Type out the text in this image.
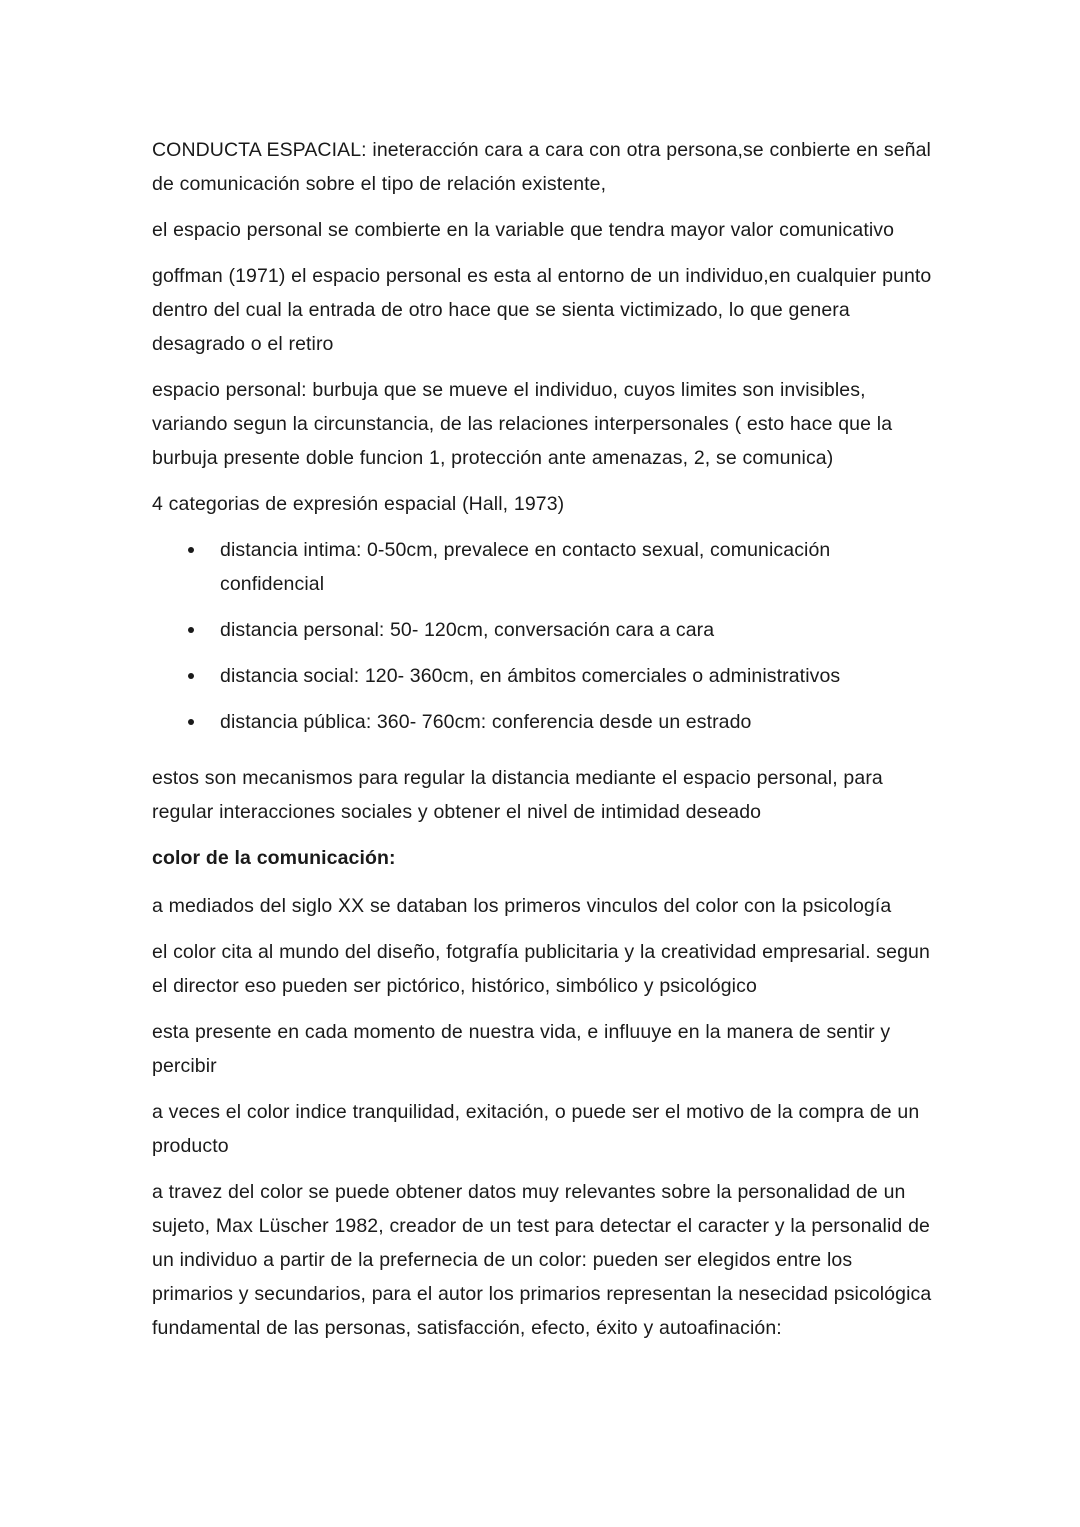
CONDUCTA ESPACIAL: ineteracción cara a cara con otra persona,se conbierte en señal de comunicación sobre el tipo de relación existente,

el espacio personal se combierte en la variable que tendra mayor valor comunicativo

goffman (1971) el espacio personal es esta al entorno de un individuo,en cualquier punto dentro del cual la entrada de otro hace que se sienta victimizado, lo que genera desagrado o el retiro

espacio personal: burbuja que se mueve el individuo, cuyos limites son invisibles, variando segun la circunstancia, de las relaciones interpersonales ( esto hace que la burbuja presente doble funcion 1, protección ante amenazas, 2, se comunica)

4 categorias de expresión espacial (Hall, 1973)

distancia intima: 0-50cm, prevalece en contacto sexual, comunicación confidencial
distancia personal: 50- 120cm, conversación cara a cara
distancia social: 120- 360cm, en ámbitos comerciales o administrativos
distancia pública: 360- 760cm: conferencia desde un estrado

estos son mecanismos para regular la distancia mediante el espacio personal, para regular interacciones sociales y obtener el nivel de intimidad deseado

color de la comunicación:

a mediados del siglo XX se databan los primeros vinculos del color con la psicología

el color cita al mundo del diseño, fotgrafía publicitaria y la creatividad empresarial. segun el director eso pueden ser pictórico, histórico, simbólico y psicológico

esta presente en cada momento de nuestra vida, e influuye en la manera de sentir y percibir

a veces el color indice tranquilidad, exitación, o puede ser el motivo de la compra de un producto

a travez del color se puede obtener datos muy relevantes sobre la personalidad de un sujeto, Max Lüscher 1982, creador de un test para detectar el caracter y la personalid de un individuo a partir de la prefernecia de un color: pueden ser elegidos entre los primarios y secundarios, para el autor los primarios representan la nesecidad psicológica fundamental de las personas, satisfacción, efecto, éxito y autoafinación:
